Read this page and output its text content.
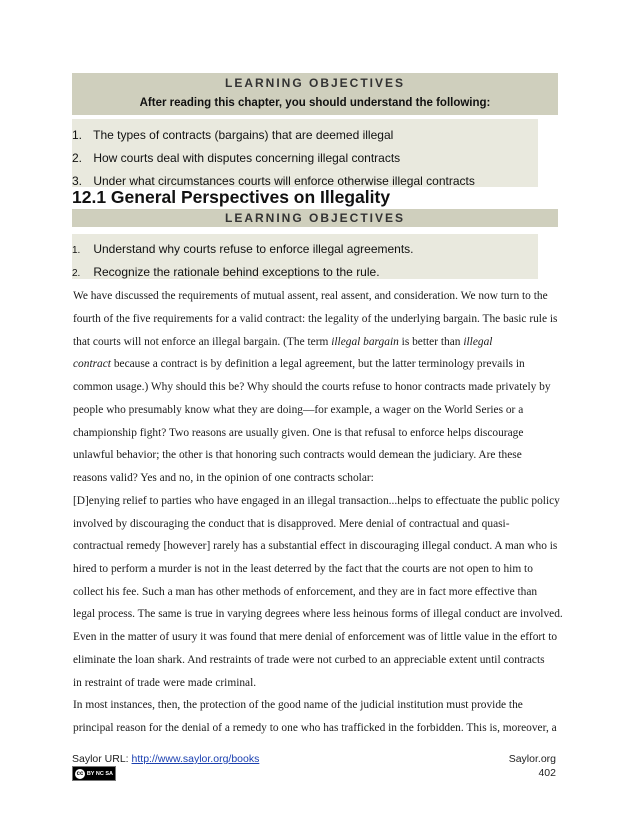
LEARNING OBJECTIVES
After reading this chapter, you should understand the following:
1. The types of contracts (bargains) that are deemed illegal
2. How courts deal with disputes concerning illegal contracts
3. Under what circumstances courts will enforce otherwise illegal contracts
12.1 General Perspectives on Illegality
LEARNING OBJECTIVES
1. Understand why courts refuse to enforce illegal agreements.
2. Recognize the rationale behind exceptions to the rule.
We have discussed the requirements of mutual assent, real assent, and consideration. We now turn to the
fourth of the five requirements for a valid contract: the legality of the underlying bargain. The basic rule is
that courts will not enforce an illegal bargain. (The term illegal bargain is better than illegal
contract because a contract is by definition a legal agreement, but the latter terminology prevails in
common usage.) Why should this be? Why should the courts refuse to honor contracts made privately by
people who presumably know what they are doing—for example, a wager on the World Series or a
championship fight? Two reasons are usually given. One is that refusal to enforce helps discourage
unlawful behavior; the other is that honoring such contracts would demean the judiciary. Are these
reasons valid? Yes and no, in the opinion of one contracts scholar:
[D]enying relief to parties who have engaged in an illegal transaction...helps to effectuate the public policy
involved by discouraging the conduct that is disapproved. Mere denial of contractual and quasi-
contractual remedy [however] rarely has a substantial effect in discouraging illegal conduct. A man who is
hired to perform a murder is not in the least deterred by the fact that the courts are not open to him to
collect his fee. Such a man has other methods of enforcement, and they are in fact more effective than
legal process. The same is true in varying degrees where less heinous forms of illegal conduct are involved.
Even in the matter of usury it was found that mere denial of enforcement was of little value in the effort to
eliminate the loan shark. And restraints of trade were not curbed to an appreciable extent until contracts
in restraint of trade were made criminal.
In most instances, then, the protection of the good name of the judicial institution must provide the
principal reason for the denial of a remedy to one who has trafficked in the forbidden. This is, moreover, a
Saylor URL: http://www.saylor.org/books
cc BY NC SA
Saylor.org
402
